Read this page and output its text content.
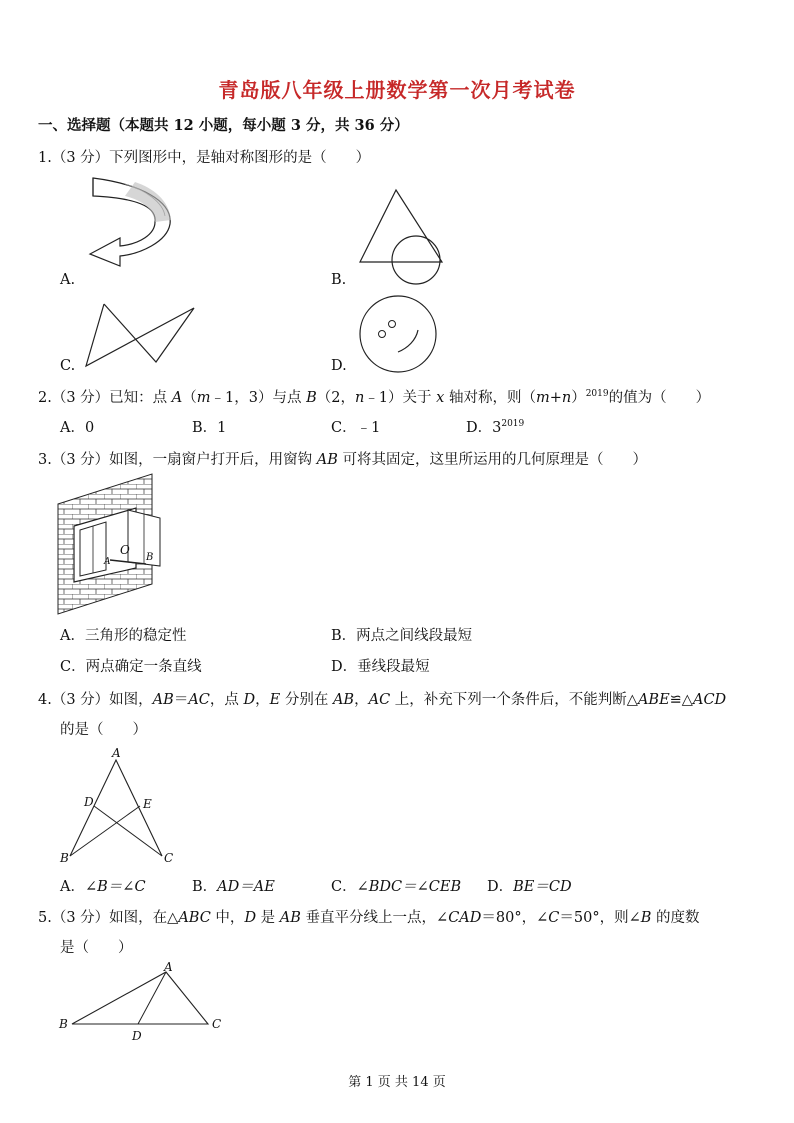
青岛版八年级上册数学第一次月考试卷
一、选择题（本题共 12 小题，每小题 3 分，共 36 分）
1.（3 分）下列图形中，是轴对称图形的是（　　）
A.	B.
C.	D.
2.（3 分）已知：点 A（m﹣1，3）与点 B（2，n﹣1）关于 x 轴对称，则$(m+n)^{2019}$的值为（　　）
A．0	B．1	C．﹣1	D．$3^{2019}$
3.（3 分）如图，一扇窗户打开后，用窗钩 AB 可将其固定，这里所运用的几何原理是（　　）
A
O
B
A．三角形的稳定性	B．两点之间线段最短
C．两点确定一条直线	D．垂线段最短
4.（3 分）如图，AB＝AC，点 D，E 分别在 AB，AC 上，补充下列一个条件后，不能判断△ABE≌△ACD
的是（　　）
A
D	E
B	C
A．∠B＝∠C	B．AD＝AE	C．∠BDC＝∠CEB D．BE＝CD
5.（3 分）如图，在△ABC 中，D 是 AB 垂直平分线上一点，∠CAD＝80°，∠C＝50°，则∠B 的度数
是（　　）
A
B
D
C
第 1 页 共 14 页
